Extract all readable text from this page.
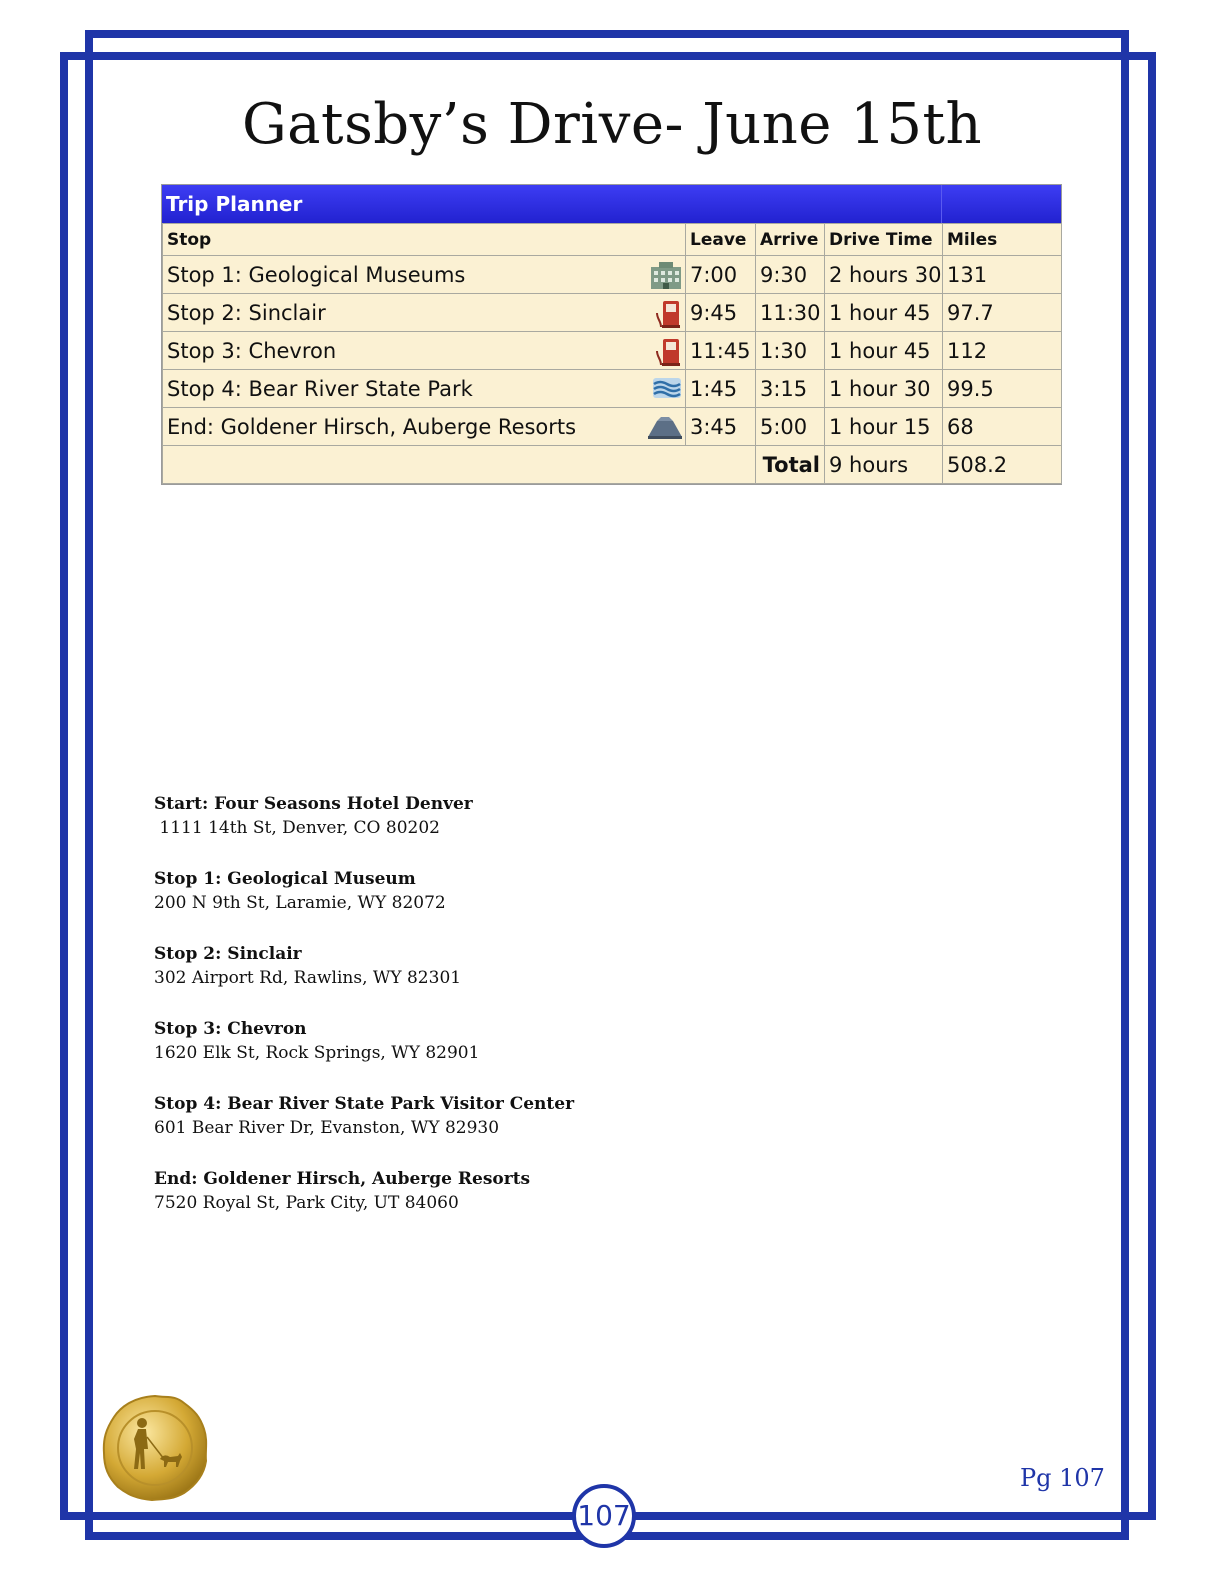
Gatsby’s Drive- June 15th
Trip Planner
Stop	Leave	Arrive	Drive Time	Miles
Stop 1: Geological Museums	7:00	9:30	2 hours 30	131
Stop 2: Sinclair	9:45	11:30	1 hour 45	97.7
Stop 3: Chevron	11:45	1:30	1 hour 45	112
Stop 4: Bear River State Park	1:45	3:15	1 hour 30	99.5
End: Goldener Hirsch, Auberge Resorts	3:45	5:00	1 hour 15	68
		Total	9 hours	508.2
Start: Four Seasons Hotel Denver
1111 14th St, Denver, CO 80202
Stop 1: Geological Museum
200 N 9th St, Laramie, WY 82072
Stop 2: Sinclair
302 Airport Rd, Rawlins, WY 82301
Stop 3: Chevron
1620 Elk St, Rock Springs, WY 82901
Stop 4: Bear River State Park Visitor Center
601 Bear River Dr, Evanston, WY 82930
End: Goldener Hirsch, Auberge Resorts
7520 Royal St, Park City, UT 84060
Pg 107
107
